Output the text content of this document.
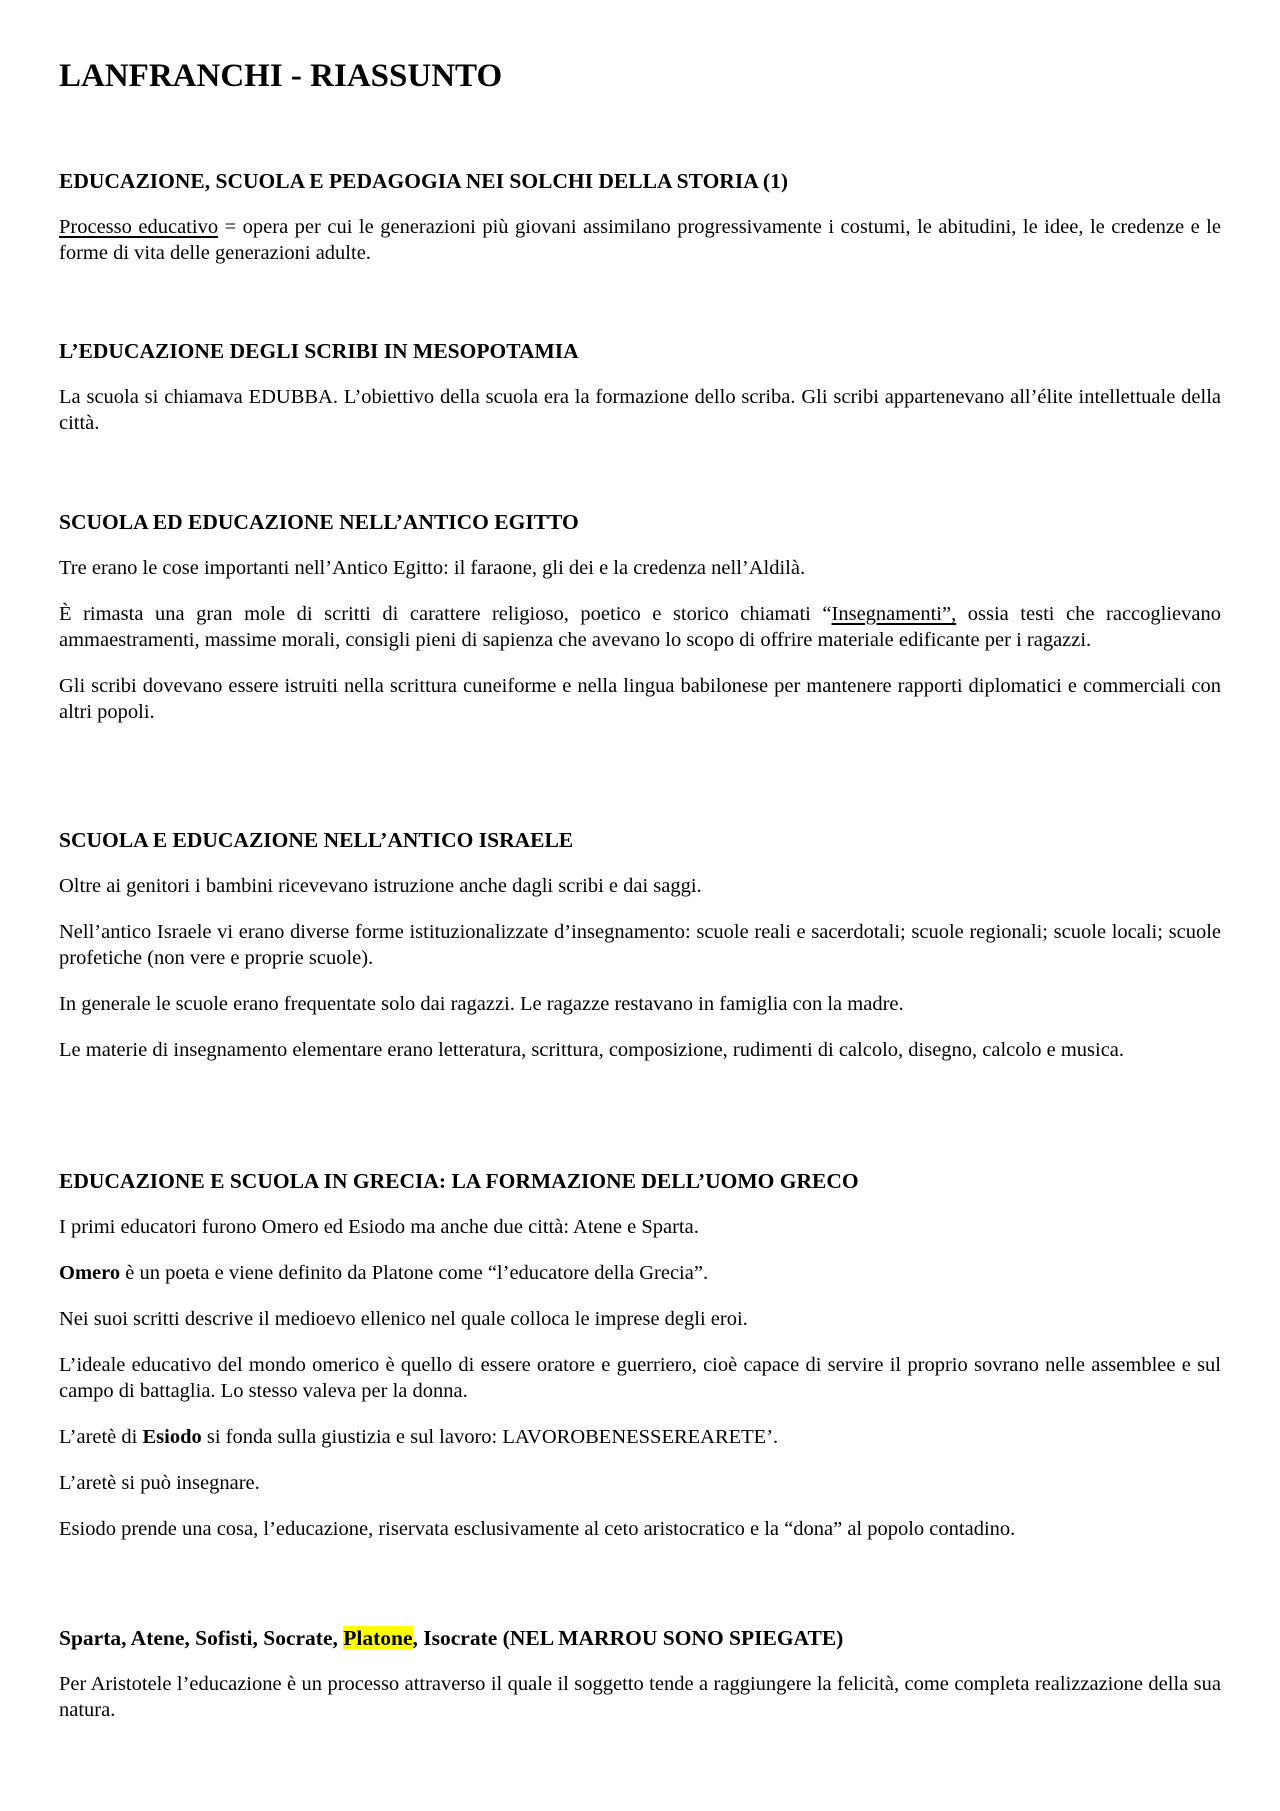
LANFRANCHI - RIASSUNTO
EDUCAZIONE, SCUOLA E PEDAGOGIA NEI SOLCHI DELLA STORIA (1)

Processo educativo = opera per cui le generazioni più giovani assimilano progressivamente i costumi, le abitudini, le idee, le credenze e le forme di vita delle generazioni adulte.

L’EDUCAZIONE DEGLI SCRIBI IN MESOPOTAMIA

La scuola si chiamava EDUBBA. L’obiettivo della scuola era la formazione dello scriba. Gli scribi appartenevano all’élite intellettuale della città.

SCUOLA ED EDUCAZIONE NELL’ANTICO EGITTO

Tre erano le cose importanti nell’Antico Egitto: il faraone, gli dei e la credenza nell’Aldilà.

È rimasta una gran mole di scritti di carattere religioso, poetico e storico chiamati “Insegnamenti”, ossia testi che raccoglievano ammaestramenti, massime morali, consigli pieni di sapienza che avevano lo scopo di offrire materiale edificante per i ragazzi.

Gli scribi dovevano essere istruiti nella scrittura cuneiforme e nella lingua babilonese per mantenere rapporti diplomatici e commerciali con altri popoli.

SCUOLA E EDUCAZIONE NELL’ANTICO ISRAELE

Oltre ai genitori i bambini ricevevano istruzione anche dagli scribi e dai saggi.

Nell’antico Israele vi erano diverse forme istituzionalizzate d’insegnamento: scuole reali e sacerdotali; scuole regionali; scuole locali; scuole profetiche (non vere e proprie scuole).

In generale le scuole erano frequentate solo dai ragazzi. Le ragazze restavano in famiglia con la madre.

Le materie di insegnamento elementare erano letteratura, scrittura, composizione, rudimenti di calcolo, disegno, calcolo e musica.

EDUCAZIONE E SCUOLA IN GRECIA: LA FORMAZIONE DELL’UOMO GRECO

I primi educatori furono Omero ed Esiodo ma anche due città: Atene e Sparta.

Omero è un poeta e viene definito da Platone come “l’educatore della Grecia”.

Nei suoi scritti descrive il medioevo ellenico nel quale colloca le imprese degli eroi.

L’ideale educativo del mondo omerico è quello di essere oratore e guerriero, cioè capace di servire il proprio sovrano nelle assemblee e sul campo di battaglia. Lo stesso valeva per la donna.

L’aretè di Esiodo si fonda sulla giustizia e sul lavoro: LAVOROBENESSEREARETE’.

L’aretè si può insegnare.

Esiodo prende una cosa, l’educazione, riservata esclusivamente al ceto aristocratico e la “dona” al popolo contadino.

Sparta, Atene, Sofisti, Socrate, Platone, Isocrate (NEL MARROU SONO SPIEGATE)

Per Aristotele l’educazione è un processo attraverso il quale il soggetto tende a raggiungere la felicità, come completa realizzazione della sua natura.
